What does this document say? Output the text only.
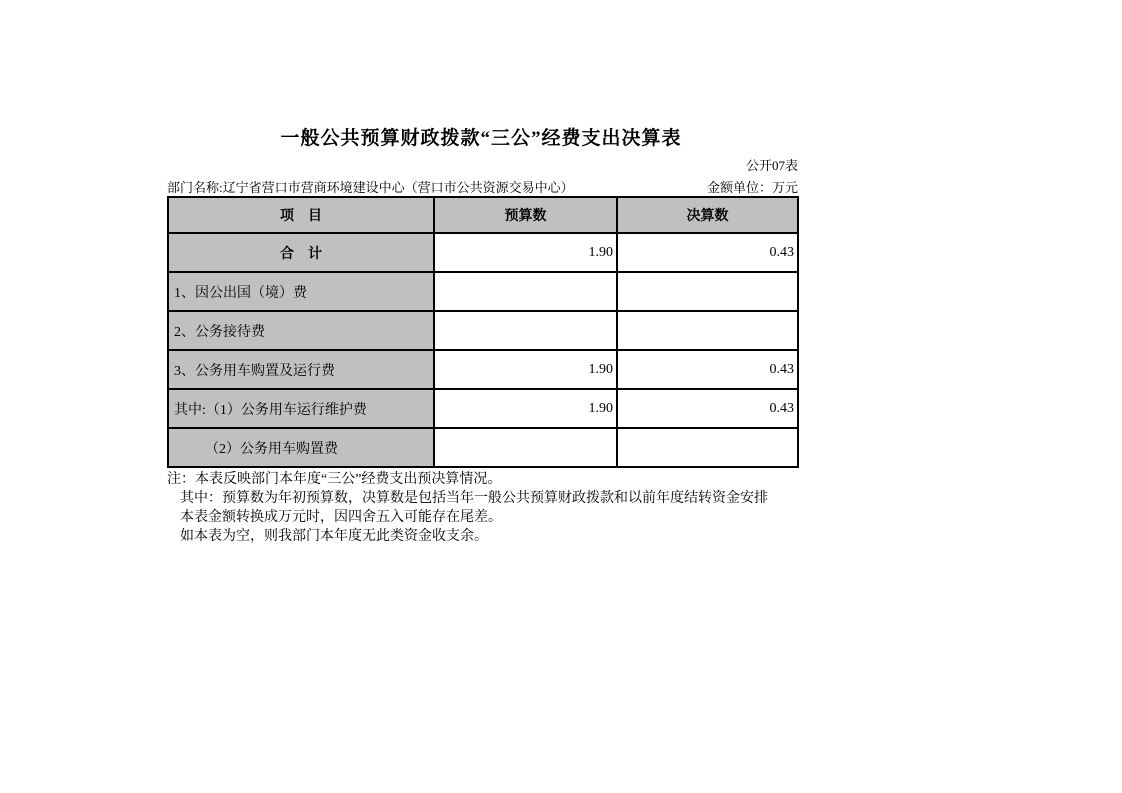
一般公共预算财政拨款“三公”经费支出决算表
公开07表
部门名称:辽宁省营口市营商环境建设中心（营口市公共资源交易中心）	金额单位：万元
项　目	预算数	决算数
合　计	1.90	0.43
1、因公出国（境）费		
2、公务接待费		
3、公务用车购置及运行费	1.90	0.43
其中:（1）公务用车运行维护费	1.90	0.43
（2）公务用车购置费		
注：本表反映部门本年度“三公”经费支出预决算情况。
其中：预算数为年初预算数，决算数是包括当年一般公共预算财政拨款和以前年度结转资金安排
本表金额转换成万元时，因四舍五入可能存在尾差。
如本表为空，则我部门本年度无此类资金收支余。
